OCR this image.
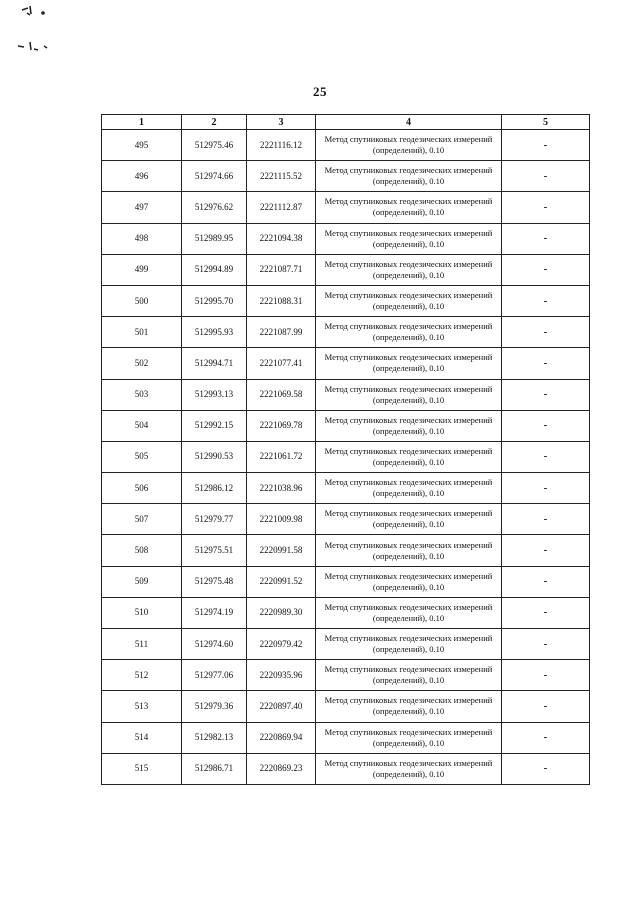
25
1	2	3	4	5
495	512975.46	2221116.12	Метод спутниковых геодезических измерений (определений), 0.10	-
496	512974.66	2221115.52	Метод спутниковых геодезических измерений (определений), 0.10	-
497	512976.62	2221112.87	Метод спутниковых геодезических измерений (определений), 0.10	-
498	512989.95	2221094.38	Метод спутниковых геодезических измерений (определений), 0.10	-
499	512994.89	2221087.71	Метод спутниковых геодезических измерений (определений), 0.10	-
500	512995.70	2221088.31	Метод спутниковых геодезических измерений (определений), 0.10	-
501	512995.93	2221087.99	Метод спутниковых геодезических измерений (определений), 0.10	-
502	512994.71	2221077.41	Метод спутниковых геодезических измерений (определений), 0.10	-
503	512993.13	2221069.58	Метод спутниковых геодезических измерений (определений), 0.10	-
504	512992.15	2221069.78	Метод спутниковых геодезических измерений (определений), 0.10	-
505	512990.53	2221061.72	Метод спутниковых геодезических измерений (определений), 0.10	-
506	512986.12	2221038.96	Метод спутниковых геодезических измерений (определений), 0.10	-
507	512979.77	2221009.98	Метод спутниковых геодезических измерений (определений), 0.10	-
508	512975.51	2220991.58	Метод спутниковых геодезических измерений (определений), 0.10	-
509	512975.48	2220991.52	Метод спутниковых геодезических измерений (определений), 0.10	-
510	512974.19	2220989.30	Метод спутниковых геодезических измерений (определений), 0.10	-
511	512974.60	2220979.42	Метод спутниковых геодезических измерений (определений), 0.10	-
512	512977.06	2220935.96	Метод спутниковых геодезических измерений (определений), 0.10	-
513	512979.36	2220897.40	Метод спутниковых геодезических измерений (определений), 0.10	-
514	512982.13	2220869.94	Метод спутниковых геодезических измерений (определений), 0.10	-
515	512986.71	2220869.23	Метод спутниковых геодезических измерений (определений), 0.10	-
